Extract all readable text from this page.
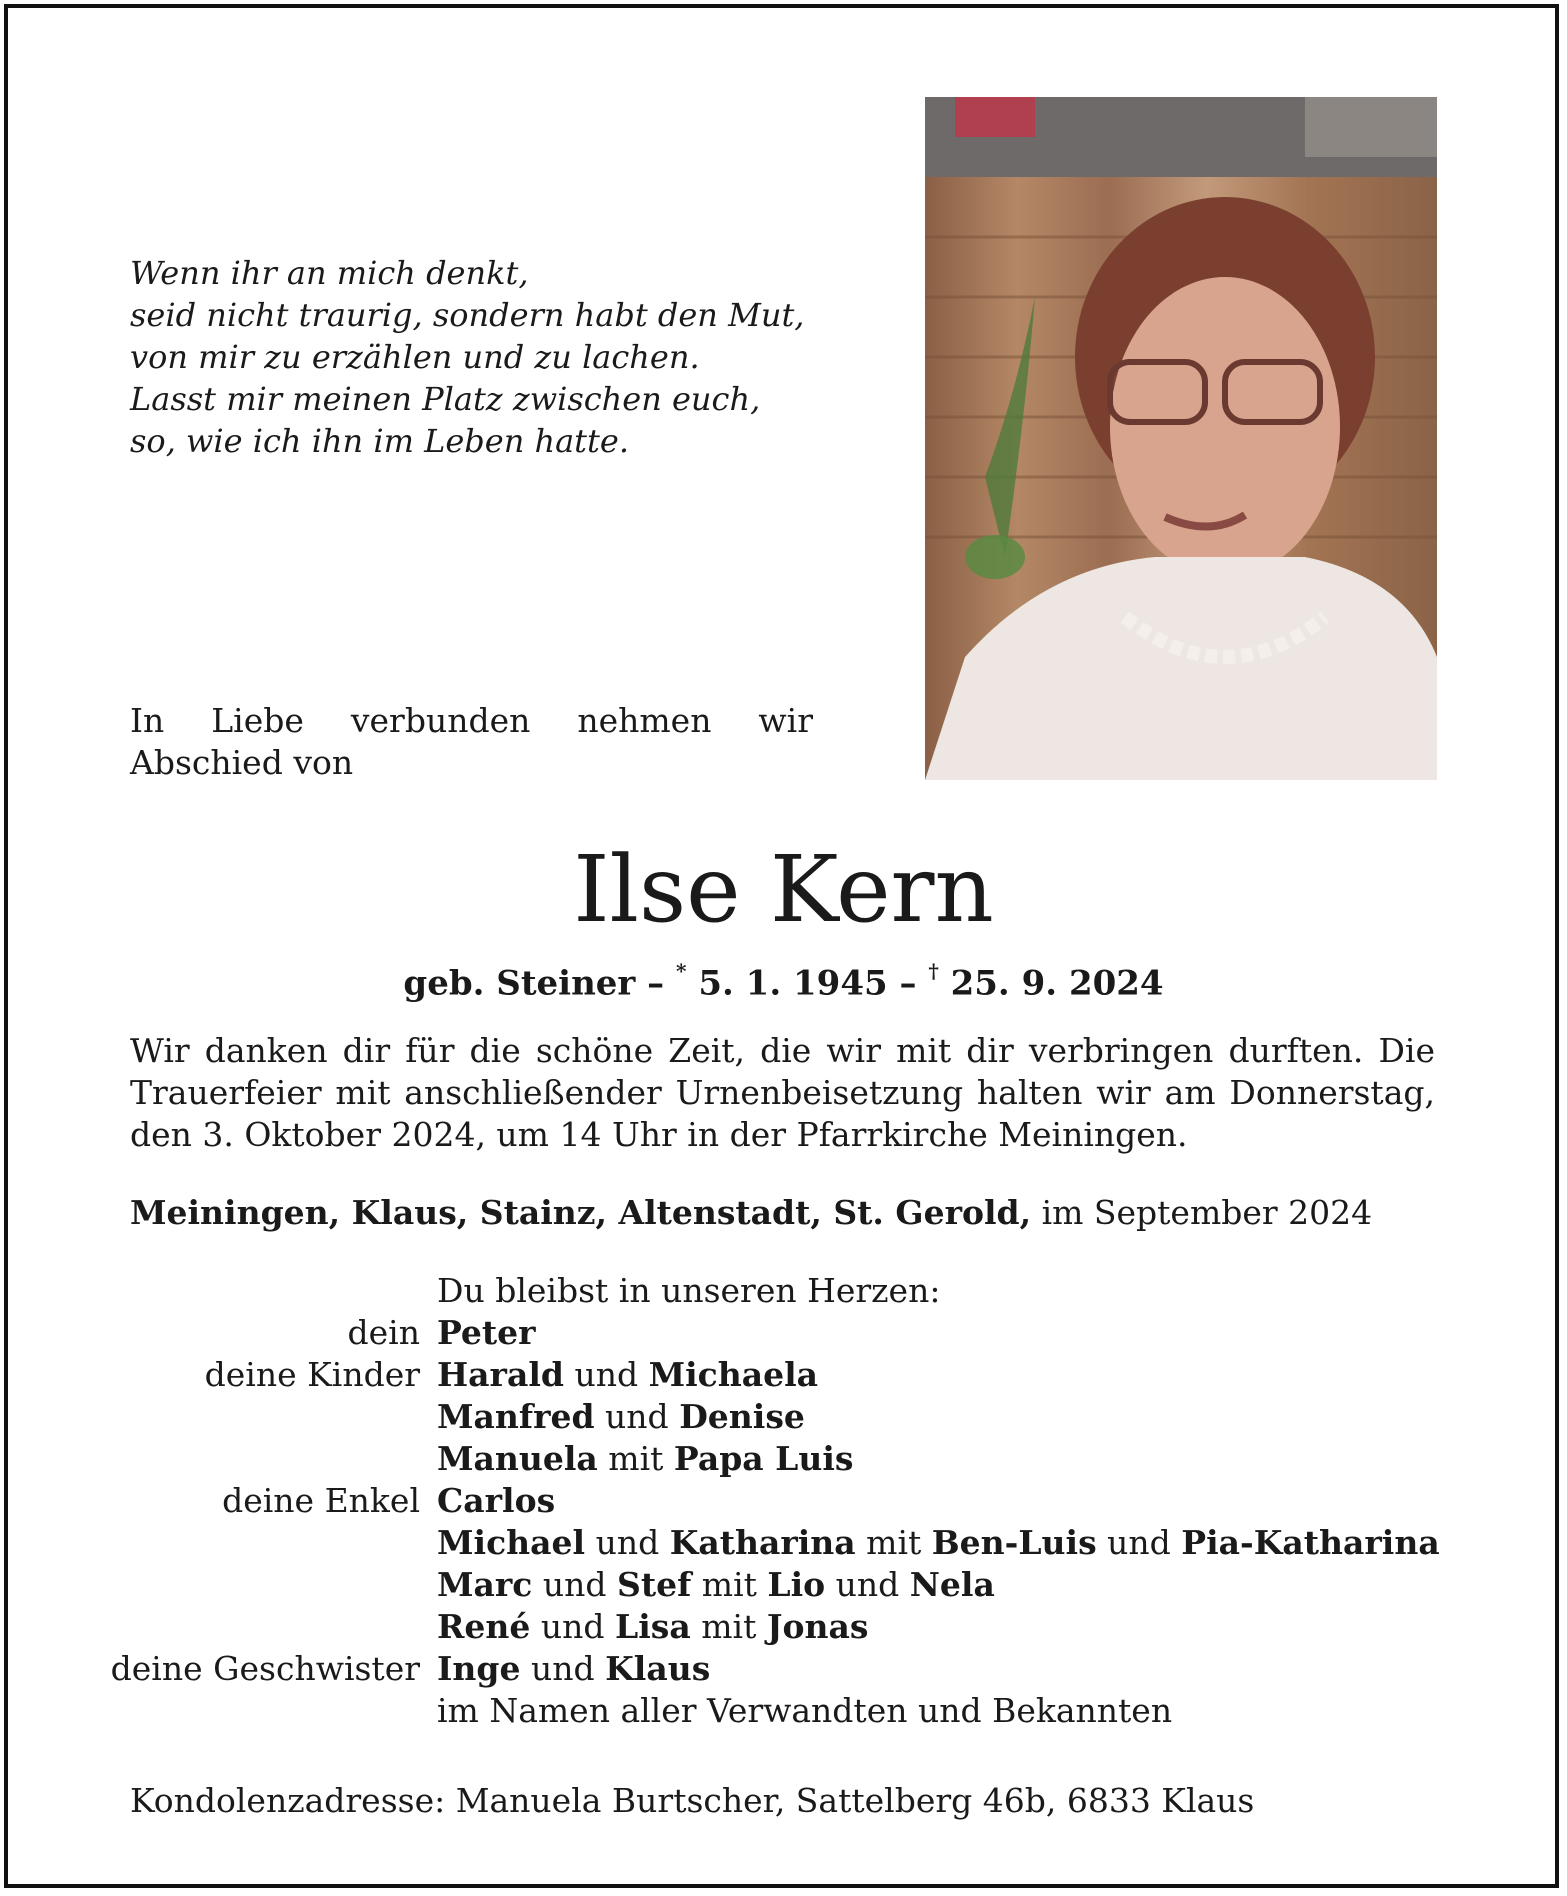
Wenn ihr an mich denkt,
seid nicht traurig, sondern habt den Mut,
von mir zu erzählen und zu lachen.
Lasst mir meinen Platz zwischen euch,
so, wie ich ihn im Leben hatte.
In Liebe verbunden nehmen wir Abschied von
Ilse Kern
geb. Steiner – * 5. 1. 1945 – † 25. 9. 2024
Wir danken dir für die schöne Zeit, die wir mit dir verbringen durften. Die Trauerfeier mit anschließender Urnenbeisetzung halten wir am Donnerstag, den 3. Oktober 2024, um 14 Uhr in der Pfarrkirche Meiningen.
Meiningen, Klaus, Stainz, Altenstadt, St. Gerold, im September 2024
Du bleibst in unseren Herzen:
dein Peter
deine Kinder Harald und Michaela
Manfred und Denise
Manuela mit Papa Luis
deine Enkel Carlos
Michael und Katharina mit Ben-Luis und Pia-Katharina
Marc und Stef mit Lio und Nela
René und Lisa mit Jonas
deine Geschwister Inge und Klaus
im Namen aller Verwandten und Bekannten
Kondolenzadresse: Manuela Burtscher, Sattelberg 46b, 6833 Klaus
